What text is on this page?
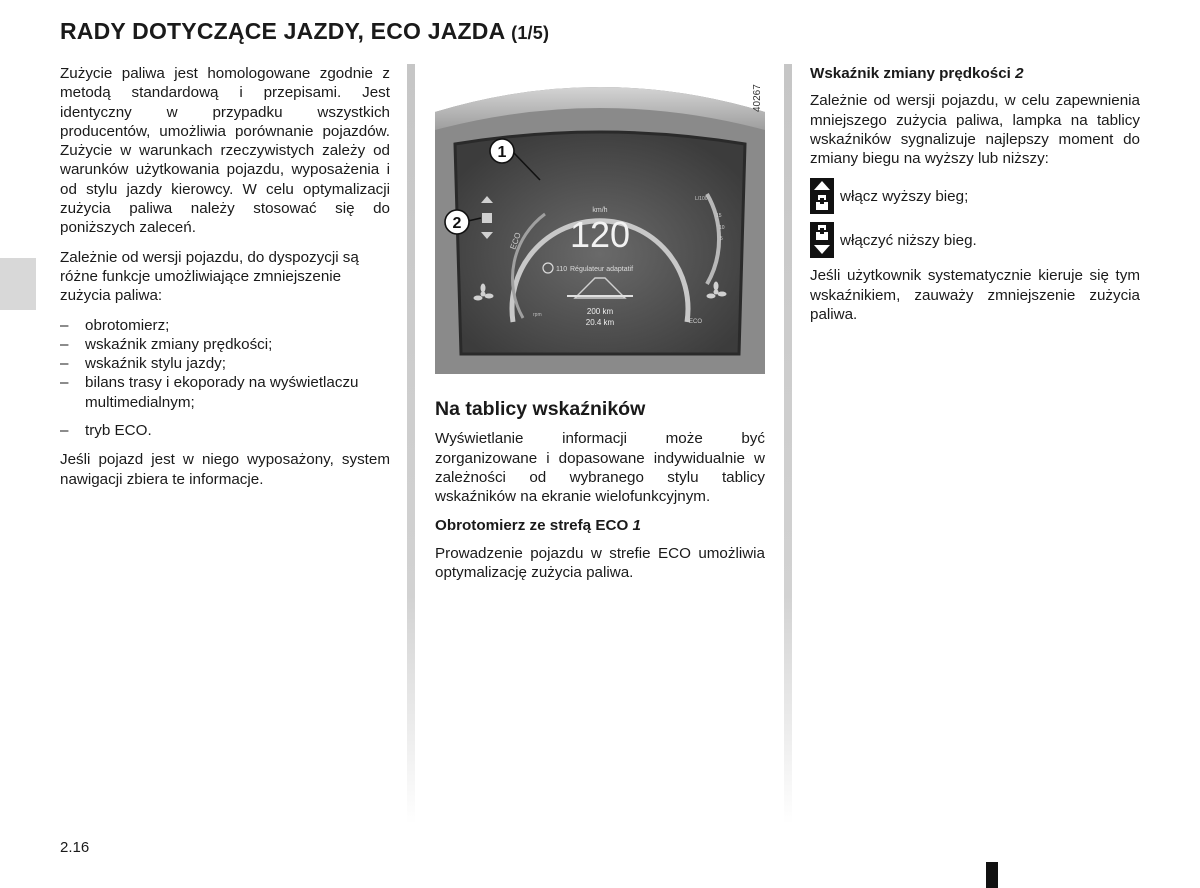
RADY DOTYCZĄCE JAZDY, ECO JAZDA (1/5)

Zużycie paliwa jest homologowane zgodnie z metodą standardową i przepisami. Jest identyczny w przypadku wszystkich producentów, umożliwia porównanie pojazdów. Zużycie w warunkach rzeczywistych zależy od warunków użytkowania pojazdu, wyposażenia i od stylu jazdy kierowcy. W celu optymalizacji zużycia paliwa należy stosować się do poniższych zaleceń.

Zależnie od wersji pojazdu, do dyspozycji są różne funkcje umożliwiające zmniejszenie zużycia paliwa:

– obrotomierz;
– wskaźnik zmiany prędkości;
– wskaźnik stylu jazdy;
– bilans trasy i ekoporady na wyświetlaczu multimedialnym;
– tryb ECO.

Jeśli pojazd jest w niego wyposażony, system nawigacji zbiera te informacje.

ECO
km/h
120
110 Régulateur adaptatif
200 km
20.4 km
rpm
ECO
L/100
15
10
5
1
2
40267
Na tablicy wskaźników

Wyświetlanie informacji może być zorganizowane i dopasowane indywidualnie w zależności od wybranego stylu tablicy wskaźników na ekranie wielofunkcyjnym.

Obrotomierz ze strefą ECO 1

Prowadzenie pojazdu w strefie ECO umożliwia optymalizację zużycia paliwa.

Wskaźnik zmiany prędkości 2

Zależnie od wersji pojazdu, w celu zapewnienia mniejszego zużycia paliwa, lampka na tablicy wskaźników sygnalizuje najlepszy moment do zmiany biegu na wyższy lub niższy:

włącz wyższy bieg;
włączyć niższy bieg.

Jeśli użytkownik systematycznie kieruje się tym wskaźnikiem, zauważy zmniejszenie zużycia paliwa.

2.16
